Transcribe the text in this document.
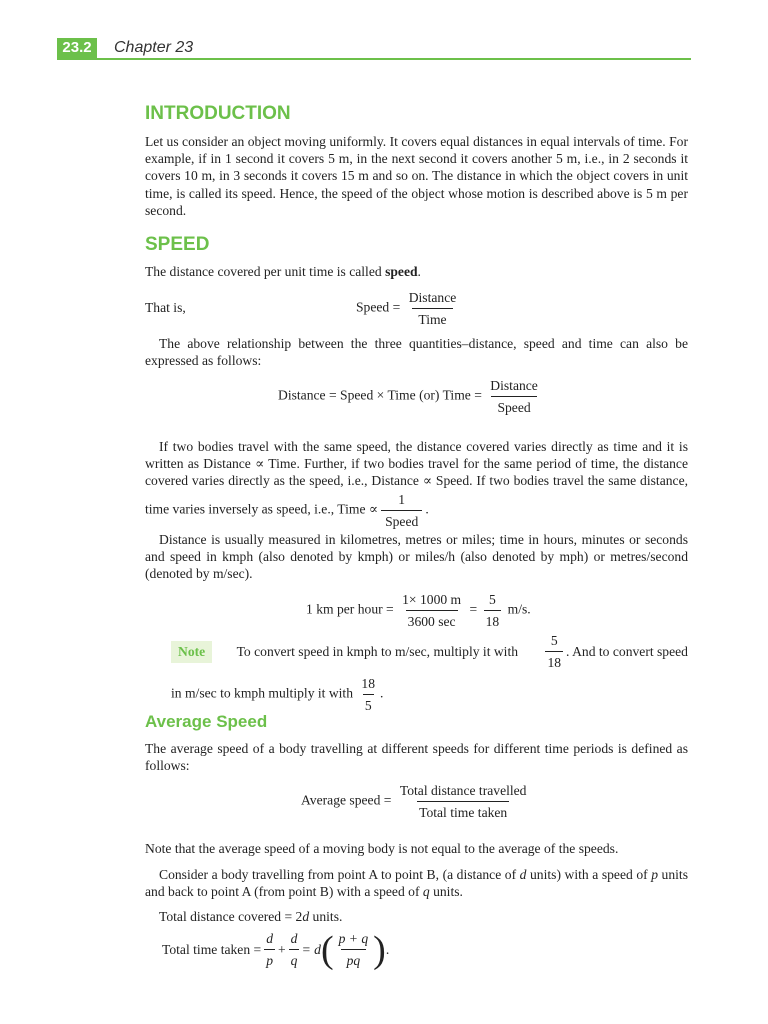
23.2	Chapter 23
INTRODUCTION
Let us consider an object moving uniformly. It covers equal distances in equal intervals of time. For example, if in 1 second it covers 5 m, in the next second it covers another 5 m, i.e., in 2 seconds it covers 10 m, in 3 seconds it covers 15 m and so on. The distance in which the object covers in unit time, is called its speed. Hence, the speed of the object whose motion is described above is 5 m per second.
SPEED
The distance covered per unit time is called speed.
That is,	Speed = $\frac{\text{Distance}}{\text{Time}}$
The above relationship between the three quantities–distance, speed and time can also be expressed as follows:
Distance = Speed × Time (or) Time = $\frac{\text{Distance}}{\text{Speed}}$
If two bodies travel with the same speed, the distance covered varies directly as time and it is
written as Distance ∝ Time. Further, if two bodies travel for the same period of time, the distance
covered varies directly as the speed, i.e., Distance ∝ Speed. If two bodies travel the same distance,
time varies inversely as speed, i.e., Time ∝ $\frac{1}{\text{Speed}}$ .
Distance is usually measured in kilometres, metres or miles; time in hours, minutes or seconds and speed in kmph (also denoted by kmph) or miles/h (also denoted by mph) or metres/second (denoted by m/sec).
1 km per hour = $\frac{1\times 1000 m}{3600 \sec} = \frac{5}{18} m/s$.
Note	To convert speed in kmph to m/sec, multiply it with $\frac{5}{18}$ . And to convert speed
in m/sec to kmph multiply it with $\frac{18}{5}$ .
Average Speed
The average speed of a body travelling at different speeds for different time periods is defined as follows:
Average speed = $\frac{\text{Total distance travelled}}{\text{Total time taken}}$
Note that the average speed of a moving body is not equal to the average of the speeds.
Consider a body travelling from point A to point B, (a distance of d units) with a speed of p units and back to point A (from point B) with a speed of q units.
Total distance covered = 2d units.
Total time taken = $\frac{d}{p} + \frac{d}{q} = d$ ( $\frac{p + q}{pq}$ ) .
